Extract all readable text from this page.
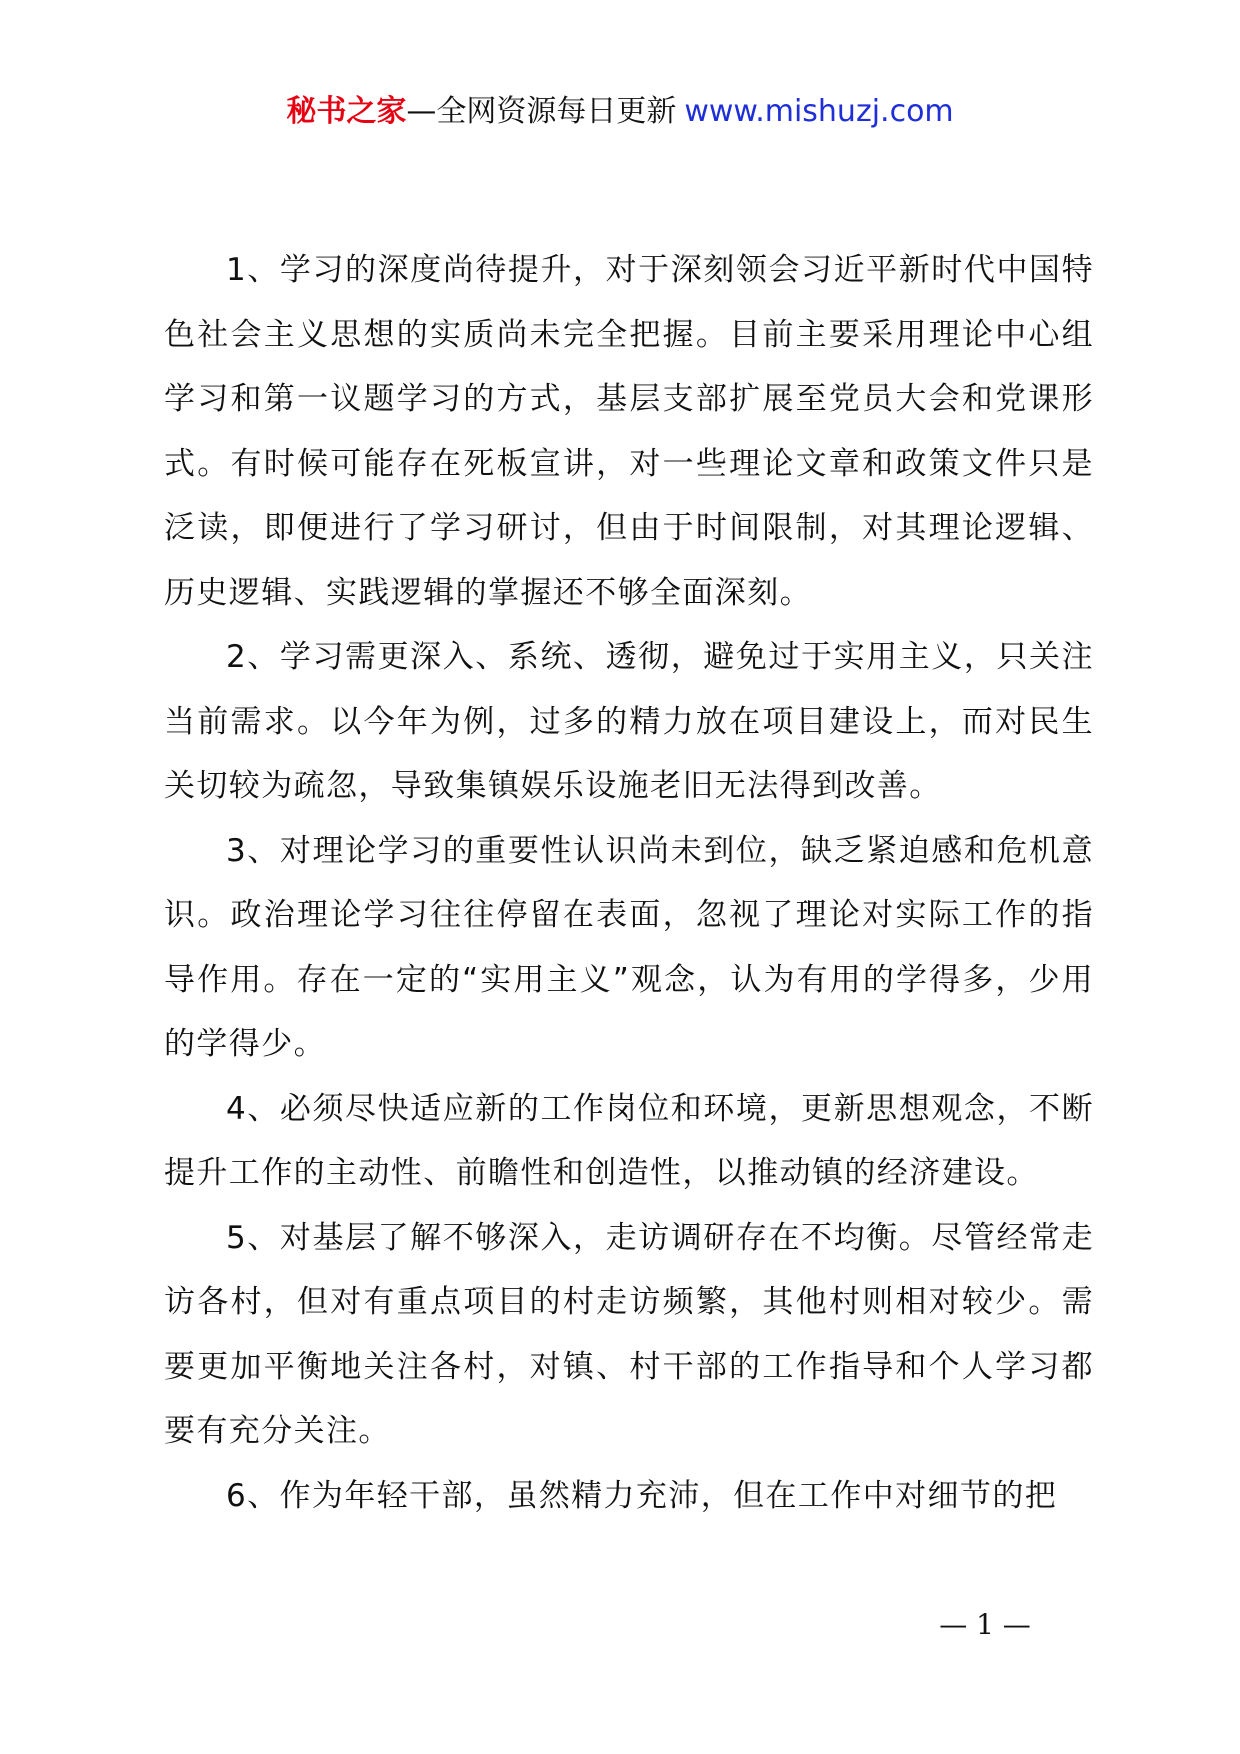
秘书之家—全网资源每日更新 www.mishuzj.com

1、学习的深度尚待提升，对于深刻领会习近平新时代中国特色社会主义思想的实质尚未完全把握。目前主要采用理论中心组学习和第一议题学习的方式，基层支部扩展至党员大会和党课形式。有时候可能存在死板宣讲，对一些理论文章和政策文件只是泛读，即便进行了学习研讨，但由于时间限制，对其理论逻辑、历史逻辑、实践逻辑的掌握还不够全面深刻。

2、学习需更深入、系统、透彻，避免过于实用主义，只关注当前需求。以今年为例，过多的精力放在项目建设上，而对民生关切较为疏忽，导致集镇娱乐设施老旧无法得到改善。

3、对理论学习的重要性认识尚未到位，缺乏紧迫感和危机意识。政治理论学习往往停留在表面，忽视了理论对实际工作的指导作用。存在一定的“实用主义”观念，认为有用的学得多，少用的学得少。

4、必须尽快适应新的工作岗位和环境，更新思想观念，不断提升工作的主动性、前瞻性和创造性，以推动镇的经济建设。

5、对基层了解不够深入，走访调研存在不均衡。尽管经常走访各村，但对有重点项目的村走访频繁，其他村则相对较少。需要更加平衡地关注各村，对镇、村干部的工作指导和个人学习都要有充分关注。

6、作为年轻干部，虽然精力充沛，但在工作中对细节的把

— 1 —
